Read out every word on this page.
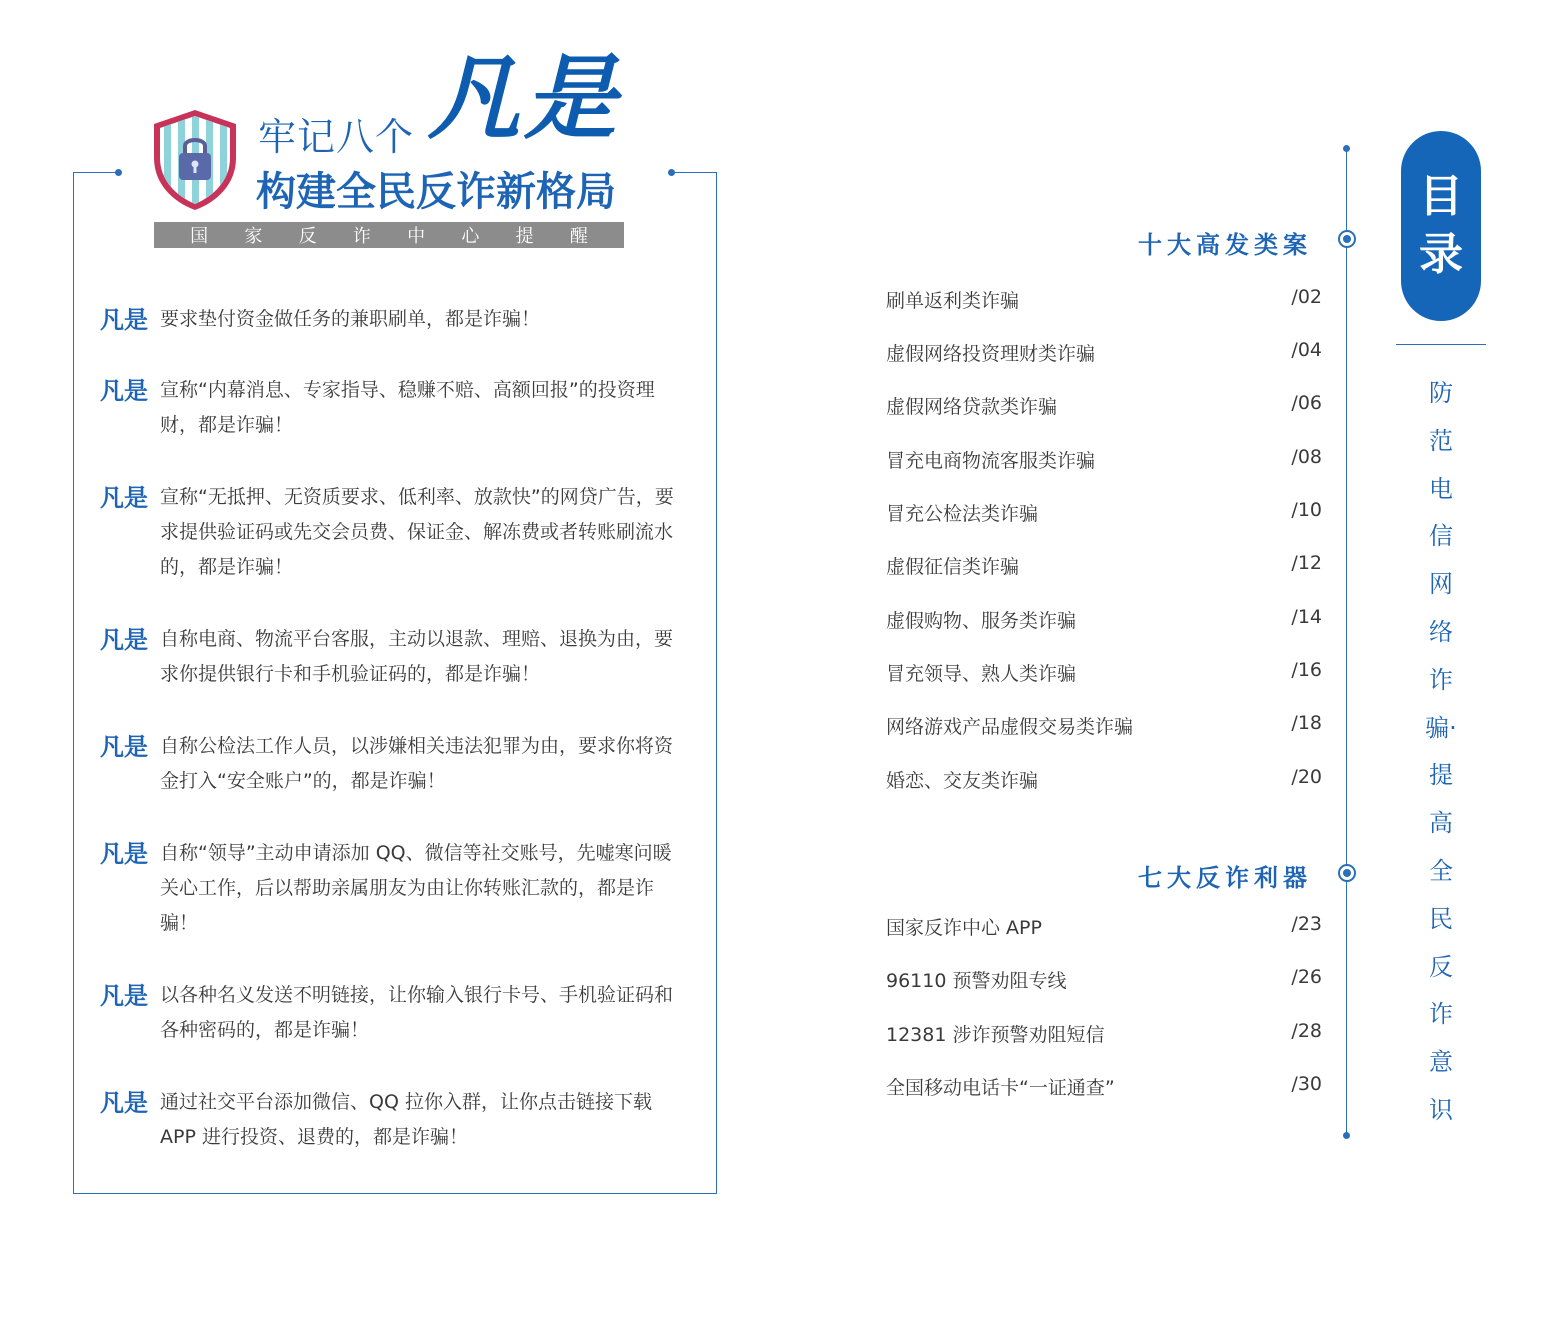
牢记八个 凡是
构建全民反诈新格局
国 家 反 诈 中 心 提 醒
凡是 要求垫付资金做任务的兼职刷单，都是诈骗！
凡是 宣称“内幕消息、专家指导、稳赚不赔、高额回报”的投资理财，都是诈骗！
凡是 宣称“无抵押、无资质要求、低利率、放款快”的网贷广告，要求提供验证码或先交会员费、保证金、解冻费或者转账刷流水的，都是诈骗！
凡是 自称电商、物流平台客服，主动以退款、理赔、退换为由，要求你提供银行卡和手机验证码的，都是诈骗！
凡是 自称公检法工作人员，以涉嫌相关违法犯罪为由，要求你将资金打入“安全账户”的，都是诈骗！
凡是 自称“领导”主动申请添加 QQ、微信等社交账号，先嘘寒问暖关心工作，后以帮助亲属朋友为由让你转账汇款的，都是诈骗！
凡是 以各种名义发送不明链接，让你输入银行卡号、手机验证码和各种密码的，都是诈骗！
凡是 通过社交平台添加微信、QQ 拉你入群，让你点击链接下载 APP 进行投资、退费的，都是诈骗！
十大高发类案
刷单返利类诈骗	/02
虚假网络投资理财类诈骗	/04
虚假网络贷款类诈骗	/06
冒充电商物流客服类诈骗	/08
冒充公检法类诈骗	/10
虚假征信类诈骗	/12
虚假购物、服务类诈骗	/14
冒充领导、熟人类诈骗	/16
网络游戏产品虚假交易类诈骗	/18
婚恋、交友类诈骗	/20
七大反诈利器
国家反诈中心 APP	/23
96110 预警劝阻专线	/26
12381 涉诈预警劝阻短信	/28
全国移动电话卡“一证通查”	/30
目
录
防范电信网络诈骗·提高全民反诈意识
